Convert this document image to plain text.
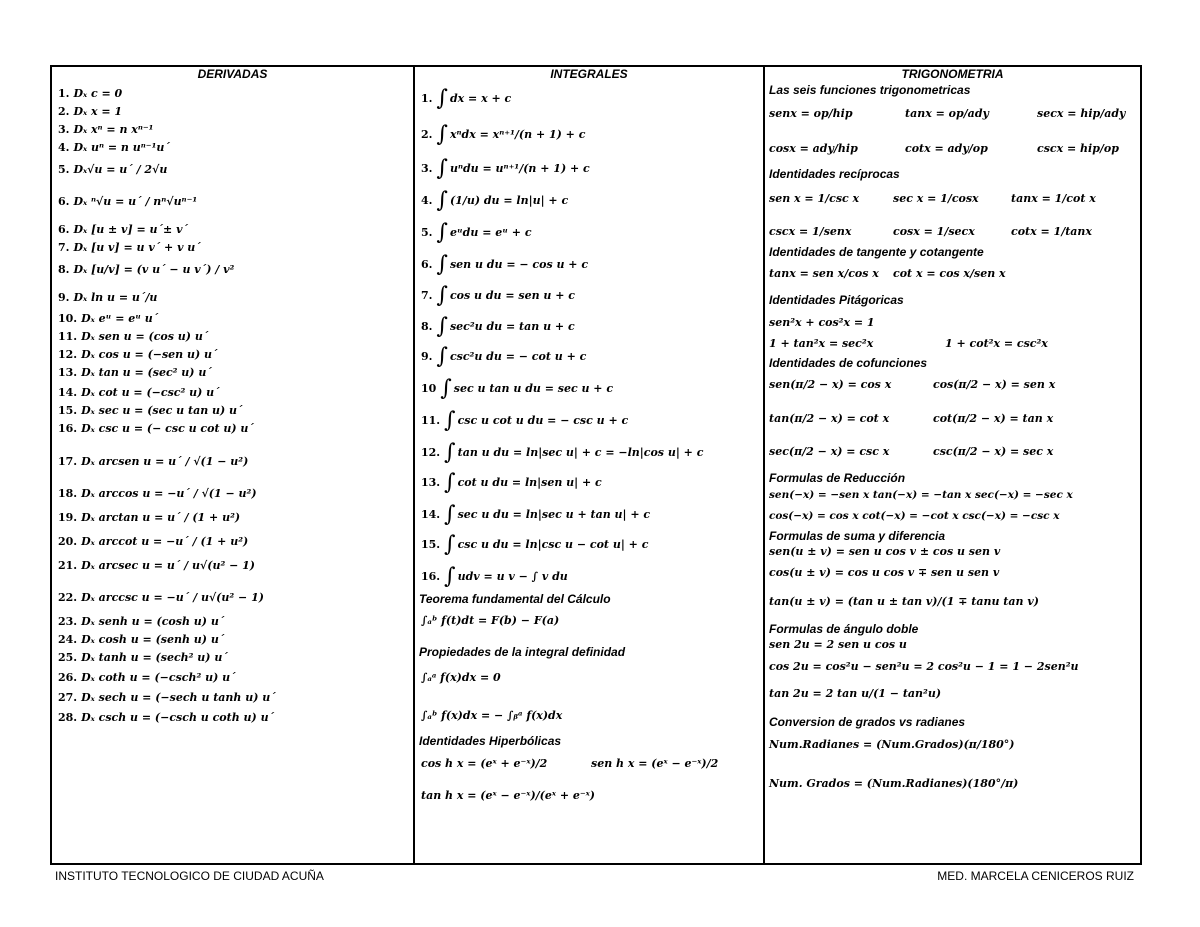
DERIVADAS
1. Dₓ c = 0
2. Dₓ x = 1
3. Dₓ xⁿ = n xⁿ⁻¹
4. Dₓ uⁿ = n uⁿ⁻¹u´
5. Dₓ√u = u´ / 2√u
6. Dₓ ⁿ√u = u´ / nⁿ√uⁿ⁻¹
6. Dₓ [u ± v] = u´± v´
7. Dₓ [u v] = u v´ + v u´
8. Dₓ [u/v] = (v u´ − u v´) / v²
9. Dₓ ln u = u´/u
10. Dₓ eᵘ = eᵘ u´
11. Dₓ sen u = (cos u) u´
12. Dₓ cos u = (−sen u) u´
13. Dₓ tan u = (sec² u) u´
14. Dₓ cot u = (−csc² u) u´
15. Dₓ sec u = (sec u tan u) u´
16. Dₓ csc u = (− csc u cot u) u´
17. Dₓ arcsen u = u´ / √(1 − u²)
18. Dₓ arccos u = −u´ / √(1 − u²)
19. Dₓ arctan u = u´ / (1 + u²)
20. Dₓ arccot u = −u´ / (1 + u²)
21. Dₓ arcsec u = u´ / u√(u² − 1)
22. Dₓ arccsc u = −u´ / u√(u² − 1)
23. Dₓ senh u = (cosh u) u´
24. Dₓ cosh u = (senh u) u´
25. Dₓ tanh u = (sech² u) u´
26. Dₓ coth u = (−csch² u) u´
27. Dₓ sech u = (−sech u tanh u) u´
28. Dₓ csch u = (−csch u coth u) u´
INTEGRALES
1. ∫ dx = x + c
2. ∫ xⁿdx = xⁿ⁺¹/(n + 1) + c
3. ∫ uⁿdu = uⁿ⁺¹/(n + 1) + c
4. ∫ (1/u) du = ln|u| + c
5. ∫ eᵘdu = eᵘ + c
6. ∫ sen u du = − cos u + c
7. ∫ cos u du = sen u + c
8. ∫ sec²u du = tan u + c
9. ∫ csc²u du = − cot u + c
10 ∫ sec u tan u du = sec u + c
11. ∫ csc u cot u du = − csc u + c
12. ∫ tan u du = ln|sec u| + c = −ln|cos u| + c
13. ∫ cot u du = ln|sen u| + c
14. ∫ sec u du = ln|sec u + tan u| + c
15. ∫ csc u du = ln|csc u − cot u| + c
16. ∫ udv = u v − ∫ v du
Teorema fundamental del Cálculo
∫ₐᵇ f(t)dt = F(b) − F(a)
Propiedades de la integral definidad
∫ₐᵃ f(x)dx = 0
∫ₐᵇ f(x)dx = − ∫ᵦᵃ f(x)dx
Identidades Hiperbólicas
cos h x = (eˣ + e⁻ˣ)/2	sen h x = (eˣ − e⁻ˣ)/2
tan h x = (eˣ − e⁻ˣ)/(eˣ + e⁻ˣ)
TRIGONOMETRIA
Las seis funciones trigonometricas
senx = op/hip	tanx = op/ady	secx = hip/ady
cosx = ady/hip	cotx = ady/op	cscx = hip/op
Identidades recíprocas
sen x = 1/csc x	sec x = 1/cosx	tanx = 1/cot x
cscx = 1/senx	cosx = 1/secx	cotx = 1/tanx
Identidades de tangente y cotangente
tanx = sen x/cos x cot x = cos x/sen x
Identidades Pitágoricas
sen²x + cos²x = 1
1 + tan²x = sec²x	1 + cot²x = csc²x
Identidades de cofunciones
sen(π/2 − x) = cos x	cos(π/2 − x) = sen x
tan(π/2 − x) = cot x	cot(π/2 − x) = tan x
sec(π/2 − x) = csc x	csc(π/2 − x) = sec x
Formulas de Reducción
sen(−x) = −sen x tan(−x) = −tan x sec(−x) = −sec x
cos(−x) = cos x cot(−x) = −cot x csc(−x) = −csc x
Formulas de suma y diferencia
sen(u ± v) = sen u cos v ± cos u sen v
cos(u ± v) = cos u cos v ∓ sen u sen v
tan(u ± v) = (tan u ± tan v)/(1 ∓ tanu tan v)
Formulas de ángulo doble
sen 2u = 2 sen u cos u
cos 2u = cos²u − sen²u = 2 cos²u − 1 = 1 − 2sen²u
tan 2u = 2 tan u/(1 − tan²u)
Conversion de grados vs radianes
Num.Radianes = (Num.Grados)(π/180°)
Num. Grados = (Num.Radianes)(180°/π)
INSTITUTO TECNOLOGICO DE CIUDAD ACUÑA	MED. MARCELA CENICEROS RUIZ
